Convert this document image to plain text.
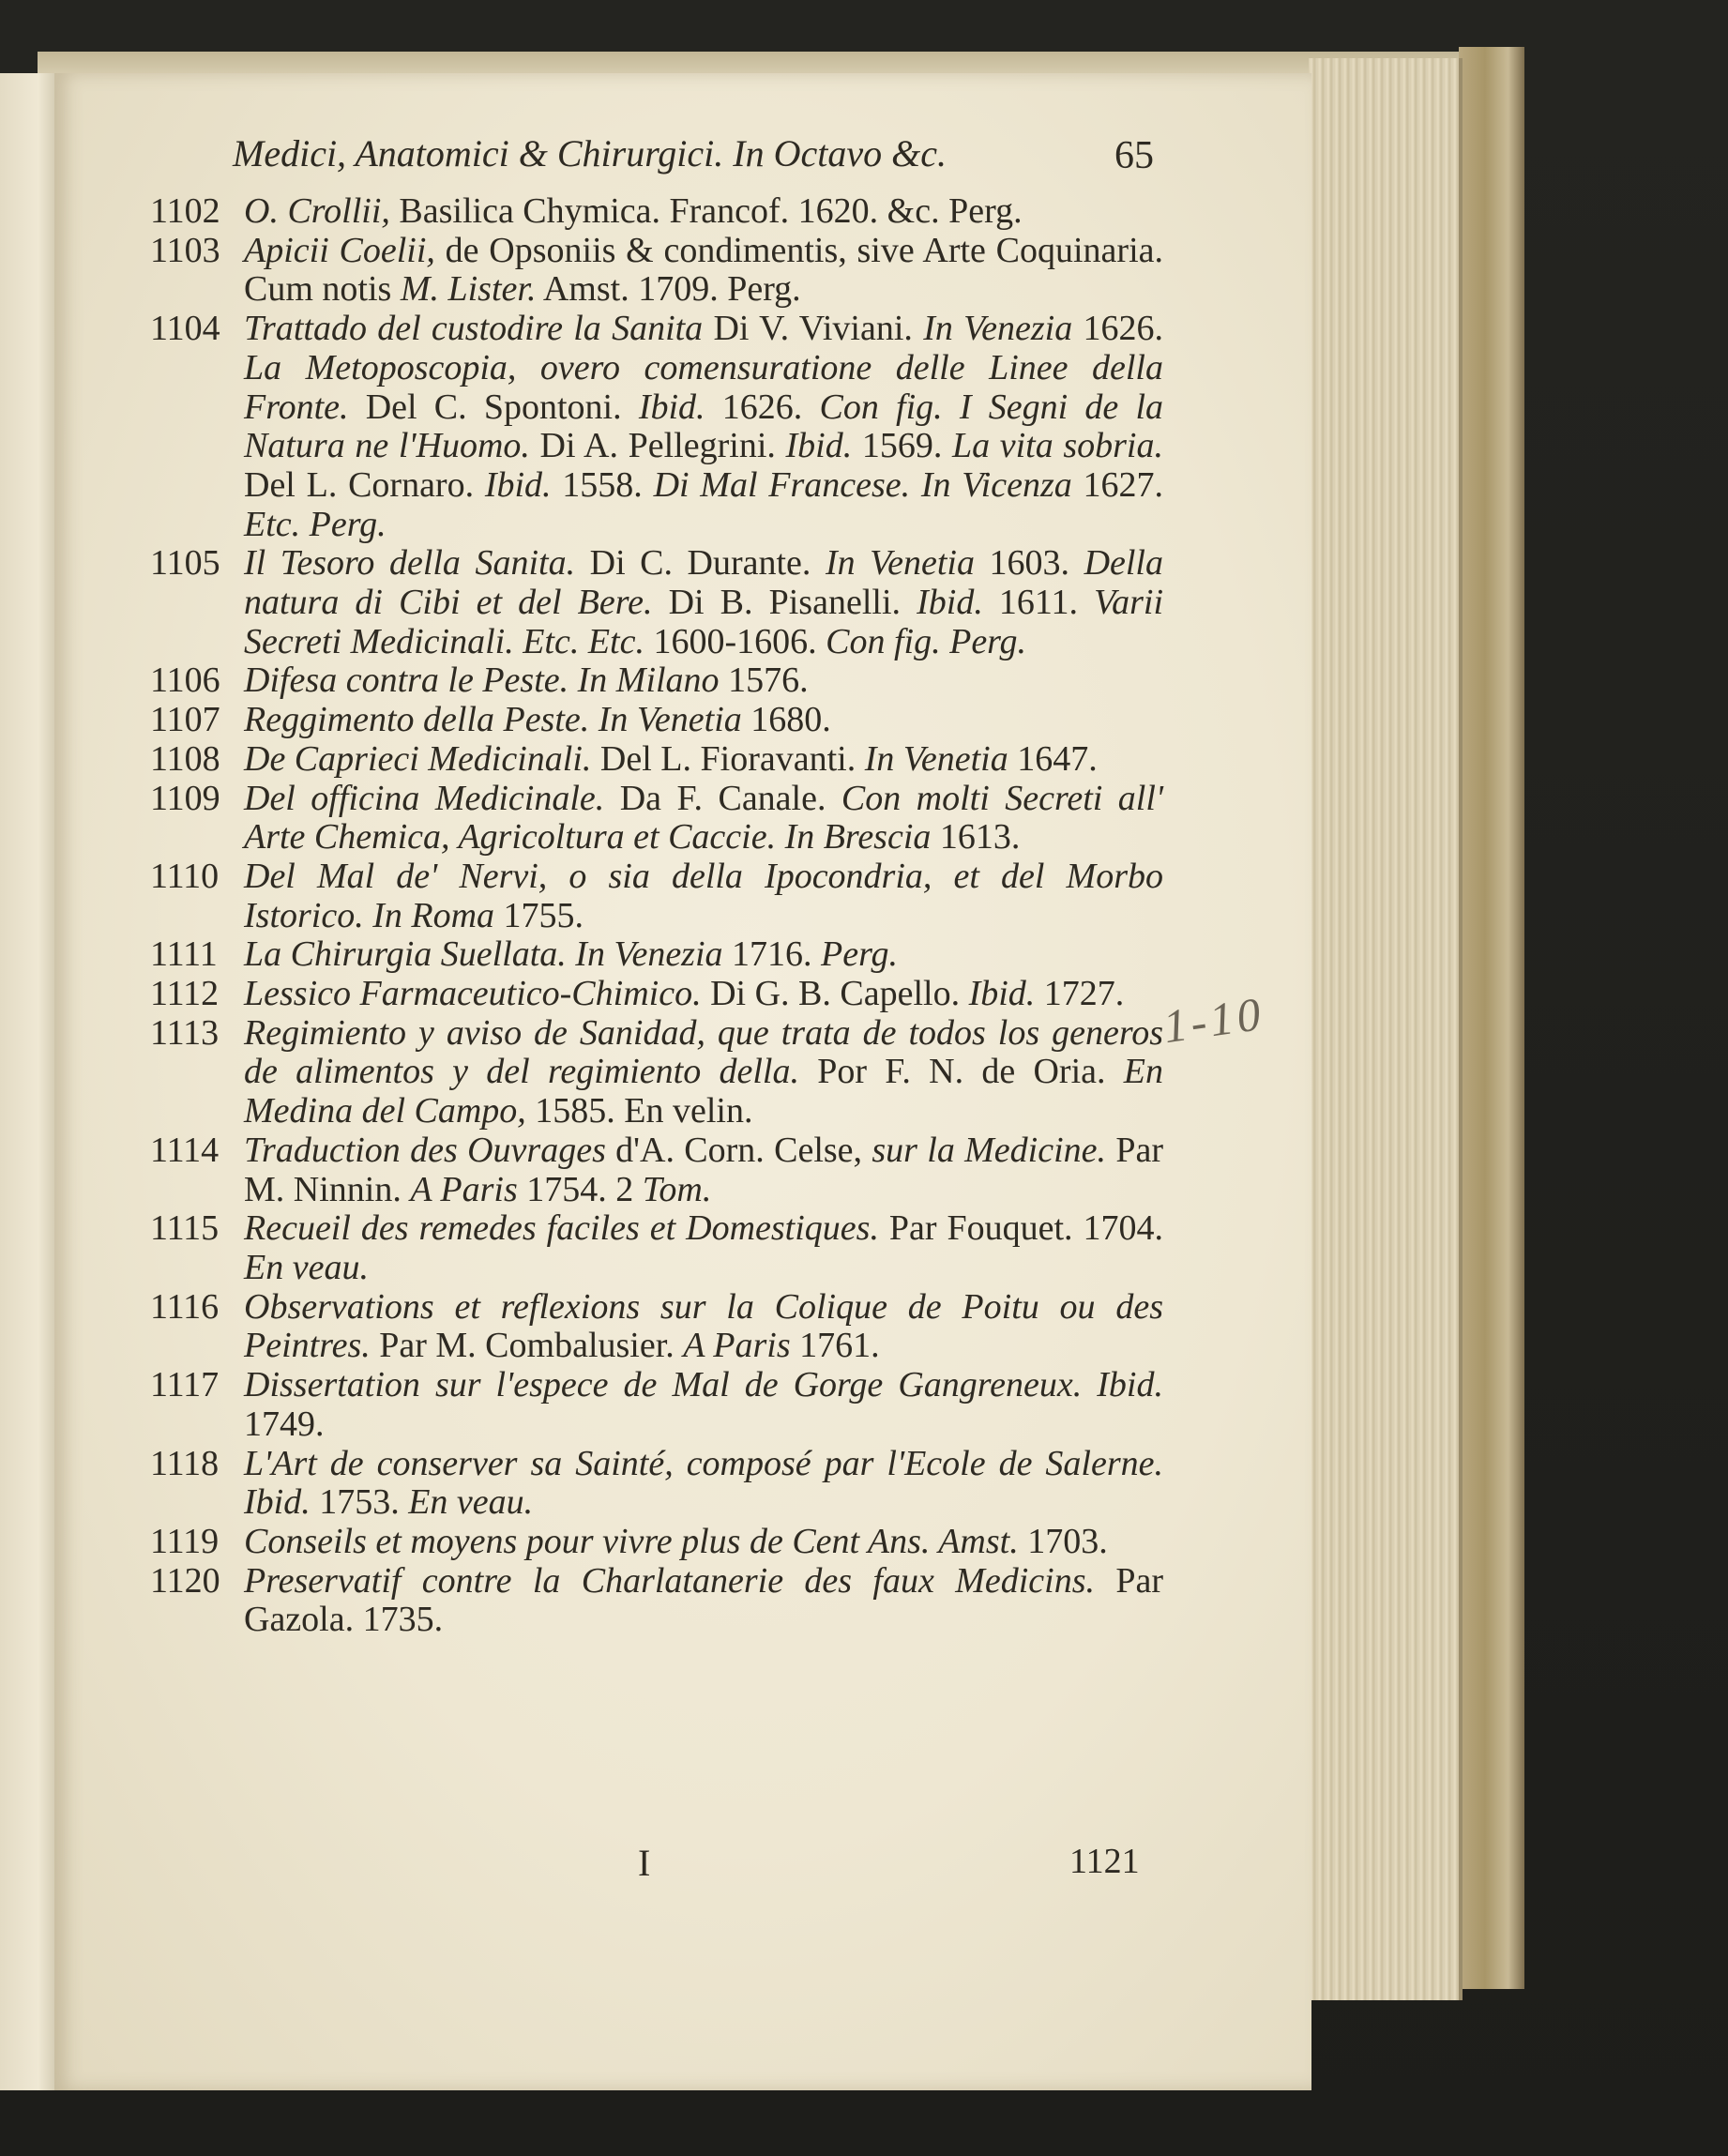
Medici, Anatomici & Chirurgici. In Octavo &c.	65
1102 O. Crollii, Basilica Chymica. Francof. 1620. &c. Perg.
1103 Apicii Coelii, de Opsoniis & condimentis, sive Arte Coquinaria. Cum notis M. Lister. Amst. 1709. Perg.
1104 Trattado del custodire la Sanita Di V. Viviani. In Venezia 1626. La Metoposcopia, overo comensuratione delle Linee della Fronte. Del C. Spontoni. Ibid. 1626. Con fig. I Segni de la Natura ne l'Huomo. Di A. Pellegrini. Ibid. 1569. La vita sobria. Del L. Cornaro. Ibid. 1558. Di Mal Francese. In Vicenza 1627. Etc. Perg.
1105 Il Tesoro della Sanita. Di C. Durante. In Venetia 1603. Della natura di Cibi et del Bere. Di B. Pisanelli. Ibid. 1611. Varii Secreti Medicinali. Etc. Etc. 1600-1606. Con fig. Perg.
1106 Difesa contra le Peste. In Milano 1576.
1107 Reggimento della Peste. In Venetia 1680.
1108 De Caprieci Medicinali. Del L. Fioravanti. In Venetia 1647.
1109 Del officina Medicinale. Da F. Canale. Con molti Secreti all' Arte Chemica, Agricoltura et Caccie. In Brescia 1613.
1110 Del Mal de' Nervi, o sia della Ipocondria, et del Morbo Istorico. In Roma 1755.
1111 La Chirurgia Suellata. In Venezia 1716. Perg.
1112 Lessico Farmaceutico-Chimico. Di G. B. Capello. Ibid. 1727.
1113 Regimiento y aviso de Sanidad, que trata de todos los generos de alimentos y del regimiento della. Por F. N. de Oria. En Medina del Campo, 1585. En velin.
1114 Traduction des Ouvrages d'A. Corn. Celse, sur la Medicine. Par M. Ninnin. A Paris 1754. 2 Tom.
1115 Recueil des remedes faciles et Domestiques. Par Fouquet. 1704. En veau.
1116 Observations et reflexions sur la Colique de Poitu ou des Peintres. Par M. Combalusier. A Paris 1761.
1117 Dissertation sur l'espece de Mal de Gorge Gangreneux. Ibid. 1749.
1118 L'Art de conserver sa Sainté, composé par l'Ecole de Salerne. Ibid. 1753. En veau.
1119 Conseils et moyens pour vivre plus de Cent Ans. Amst. 1703.
1120 Preservatif contre la Charlatanerie des faux Medicins. Par Gazola. 1735.
1-10
I	1121
